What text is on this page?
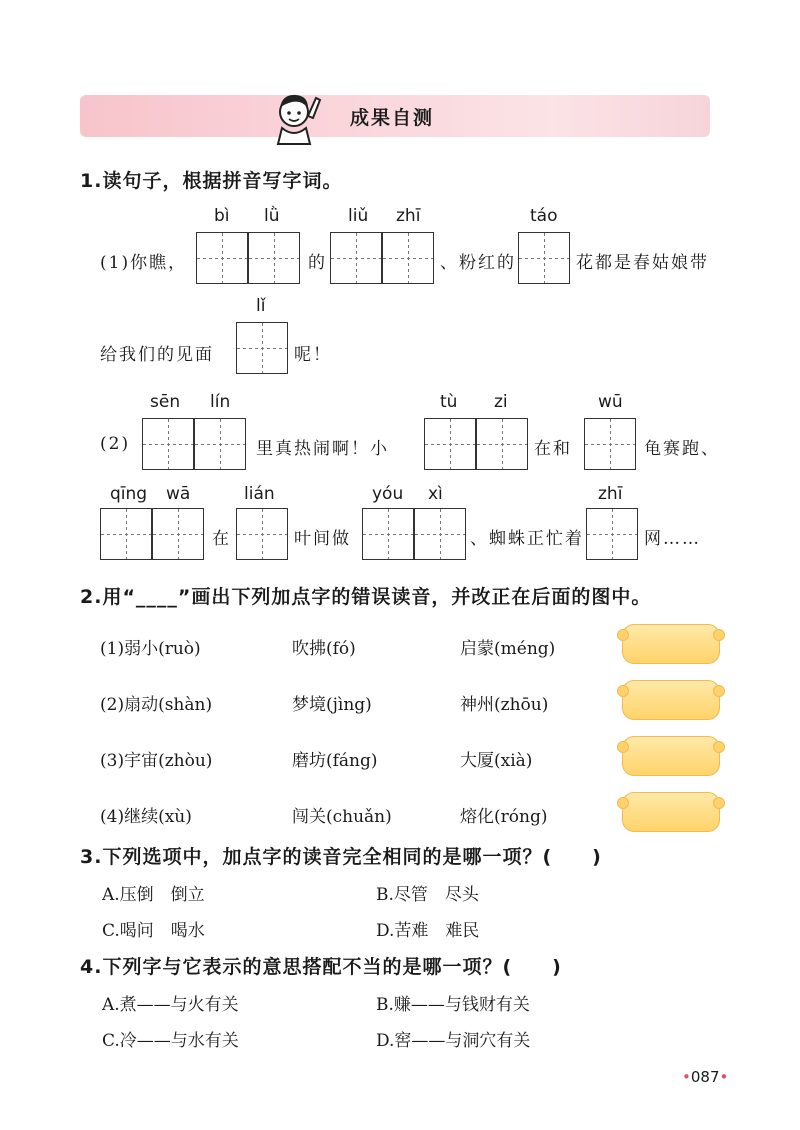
成果自测
1.读句子，根据拼音写字词。
bì lǜ	liǔ zhī	táo
(1)你瞧，	的	、粉红的	花都是春姑娘带
lǐ
给我们的见面	呢！
sēn lín	tù zi	wū
(2)	里真热闹啊！小	在和	龟赛跑、
qīng wā	lián	yóu xì	zhī
在	叶间做	、蜘蛛正忙着	网……
2.用“____”画出下列加点字的错误读音，并改正在后面的图中。
(1)弱小(ruò)	吹拂(fó)	启蒙(méng)
(2)扇动(shàn)	梦境(jìng)	神州(zhōu)
(3)宇宙(zhòu)	磨坊(fáng)	大厦(xià)
(4)继续(xù)	闯关(chuǎn)	熔化(róng)
3.下列选项中，加点字的读音完全相同的是哪一项？(　　)
A.压倒　倒立	B.尽管　尽头
C.喝问　喝水	D.苦难　难民
4.下列字与它表示的意思搭配不当的是哪一项？(　　)
A.煮——与火有关	B.赚——与钱财有关
C.冷——与水有关	D.窖——与洞穴有关
•087•
